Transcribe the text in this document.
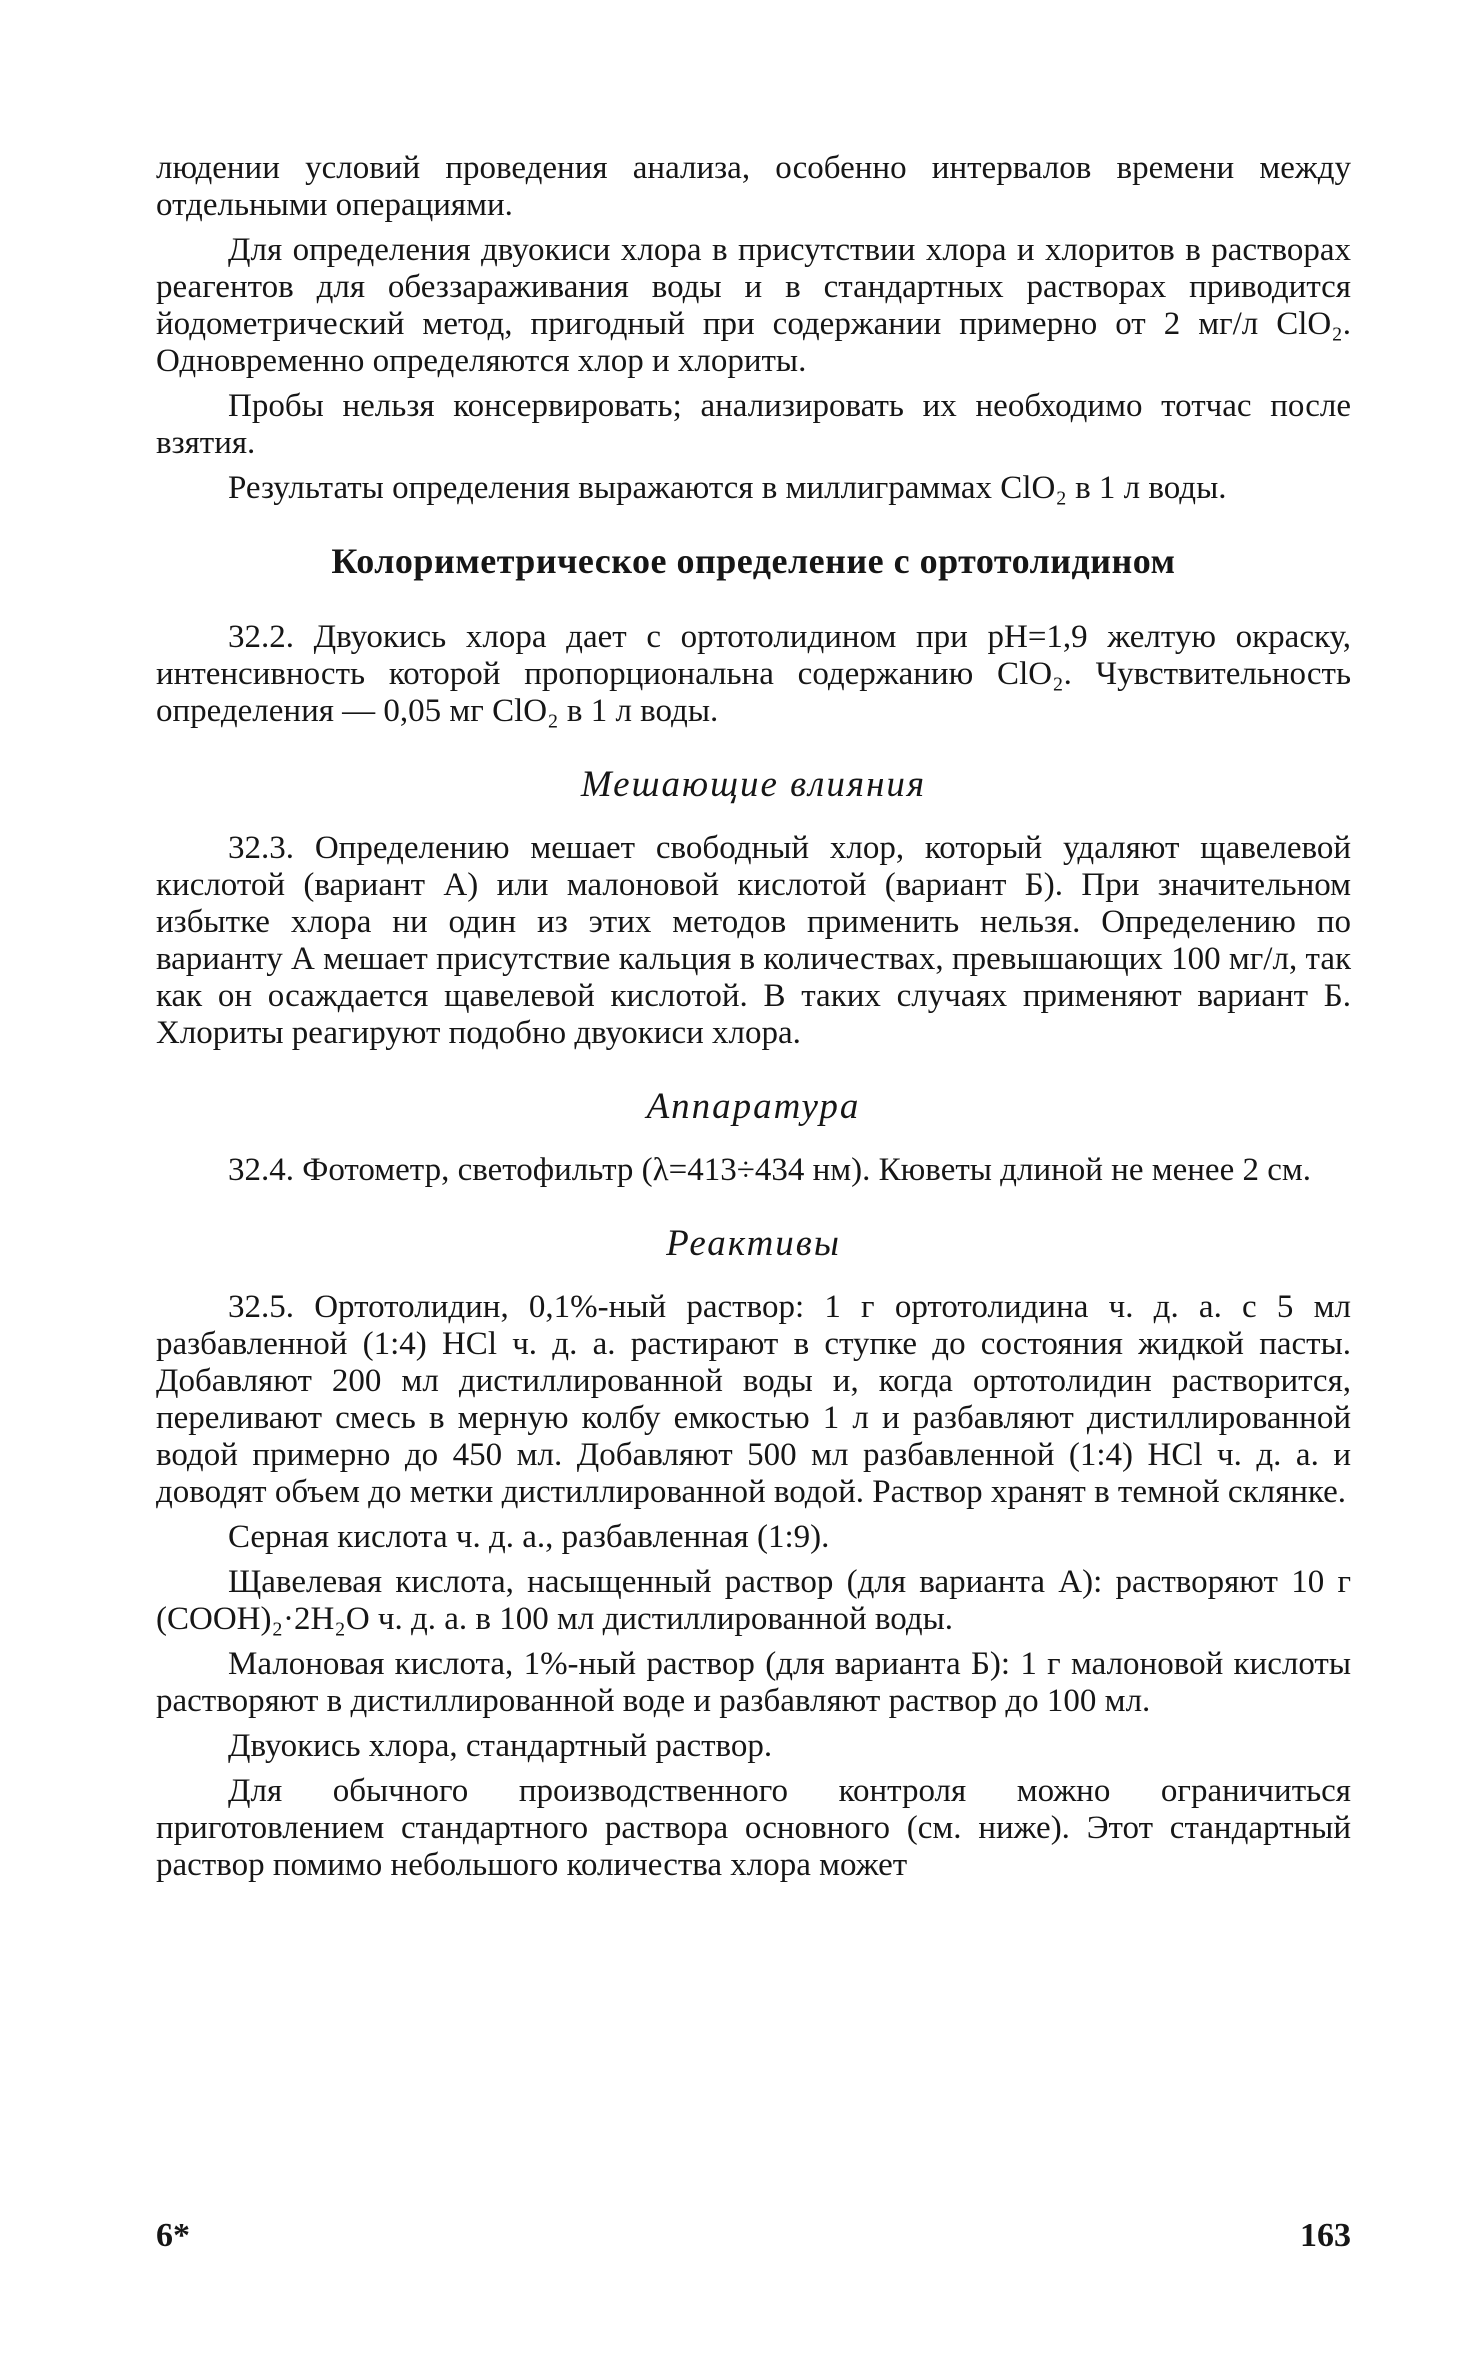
людении условий проведения анализа, особенно интервалов времени между отдельными операциями.

Для определения двуокиси хлора в присутствии хлора и хлоритов в растворах реагентов для обеззараживания воды и в стандартных растворах приводится йодометрический метод, пригодный при содержании примерно от 2 мг/л ClO₂. Одновременно определяются хлор и хлориты.

Пробы нельзя консервировать; анализировать их необходимо тотчас после взятия.

Результаты определения выражаются в миллиграммах ClO₂ в 1 л воды.

Колориметрическое определение с ортотолидином

32.2. Двуокись хлора дает с ортотолидином при pH=1,9 желтую окраску, интенсивность которой пропорциональна содержанию ClO₂. Чувствительность определения — 0,05 мг ClO₂ в 1 л воды.

Мешающие влияния

32.3. Определению мешает свободный хлор, который удаляют щавелевой кислотой (вариант А) или малоновой кислотой (вариант Б). При значительном избытке хлора ни один из этих методов применить нельзя. Определению по варианту А мешает присутствие кальция в количествах, превышающих 100 мг/л, так как он осаждается щавелевой кислотой. В таких случаях применяют вариант Б. Хлориты реагируют подобно двуокиси хлора.

Аппаратура

32.4. Фотометр, светофильтр (λ=413÷434 нм). Кюветы длиной не менее 2 см.

Реактивы

32.5. Ортотолидин, 0,1%-ный раствор: 1 г ортотолидина ч. д. а. с 5 мл разбавленной (1:4) HCl ч. д. а. растирают в ступке до состояния жидкой пасты. Добавляют 200 мл дистиллированной воды и, когда ортотолидин растворится, переливают смесь в мерную колбу емкостью 1 л и разбавляют дистиллированной водой примерно до 450 мл. Добавляют 500 мл разбавленной (1:4) HCl ч. д. а. и доводят объем до метки дистиллированной водой. Раствор хранят в темной склянке.

Серная кислота ч. д. а., разбавленная (1:9).

Щавелевая кислота, насыщенный раствор (для варианта А): растворяют 10 г (COOH)₂·2H₂O ч. д. а. в 100 мл дистиллированной воды.

Малоновая кислота, 1%-ный раствор (для варианта Б): 1 г малоновой кислоты растворяют в дистиллированной воде и разбавляют раствор до 100 мл.

Двуокись хлора, стандартный раствор.

Для обычного производственного контроля можно ограничиться приготовлением стандартного раствора основного (см. ниже). Этот стандартный раствор помимо небольшого количества хлора может

6*	163
